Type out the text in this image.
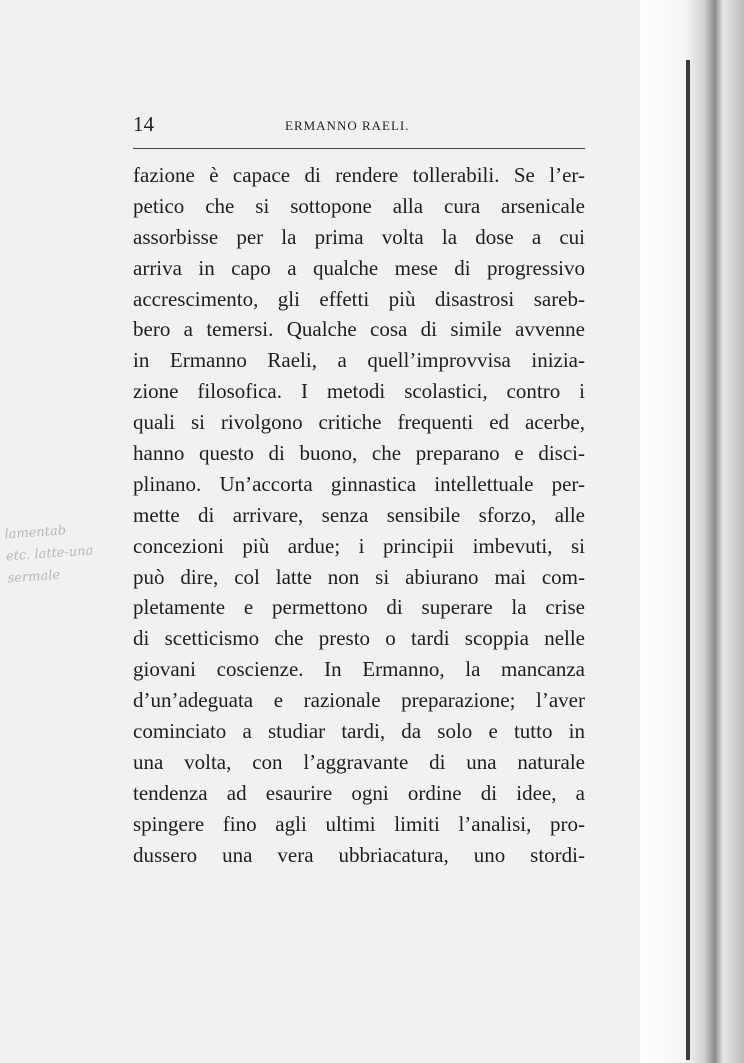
14	ERMANNO RAELI.
fazione è capace di rendere tollerabili. Se l’er-
petico che si sottopone alla cura arsenicale
assorbisse per la prima volta la dose a cui
arriva in capo a qualche mese di progressivo
accrescimento, gli effetti più disastrosi sareb-
bero a temersi. Qualche cosa di simile avvenne
in Ermanno Raeli, a quell’improvvisa inizia-
zione filosofica. I metodi scolastici, contro i
quali si rivolgono critiche frequenti ed acerbe,
hanno questo di buono, che preparano e disci-
plinano. Un’accorta ginnastica intellettuale per-
mette di arrivare, senza sensibile sforzo, alle
concezioni più ardue; i principii imbevuti, si
può dire, col latte non si abiurano mai com-
pletamente e permettono di superare la crise
di scetticismo che presto o tardi scoppia nelle
giovani coscienze. In Ermanno, la mancanza
d’un’adeguata e razionale preparazione; l’aver
cominciato a studiar tardi, da solo e tutto in
una volta, con l’aggravante di una naturale
tendenza ad esaurire ogni ordine di idee, a
spingere fino agli ultimi limiti l’analisi, pro-
dussero una vera ubbriacatura, uno stordi-
lamentab
etc. latte-una
sermale
